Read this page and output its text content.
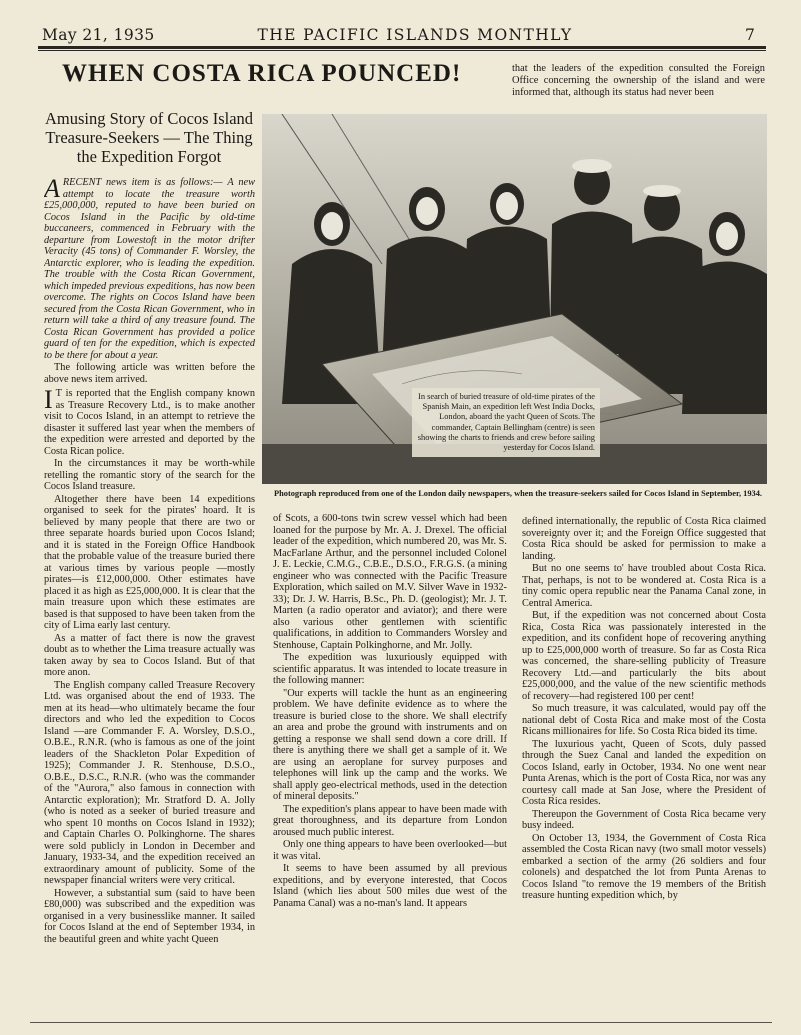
May 21, 1935	THE PACIFIC ISLANDS MONTHLY	7
WHEN COSTA RICA POUNCED!	that the leaders of the expedition consulted the Foreign Office concerning the ownership of the island and were informed that, although its status had never been

Amusing Story of Cocos Island Treasure-Seekers — The Thing the Expedition Forgot

ARECENT news item is as follows:— A new attempt to locate the treasure worth £25,000,000, reputed to have been buried on Cocos Island in the Pacific by old-time buccaneers, commenced in February with the departure from Lowestoft in the motor drifter Veracity (45 tons) of Commander F. Worsley, the Antarctic explorer, who is leading the expedition. The trouble with the Costa Rican Government, which impeded previous expeditions, has now been overcome. The rights on Cocos Island have been secured from the Costa Rican Government, who in return will take a third of any treasure found. The Costa Rican Government has provided a police guard of ten for the expedition, which is expected to be there for about a year.

The following article was written before the above news item arrived.

I T is reported that the English company known as Treasure Recovery Ltd., is to make another visit to Cocos Island, in an attempt to retrieve the disaster it suffered last year when the members of the expedition were arrested and deported by the Costa Rican police.

In the circumstances it may be worth-while retelling the romantic story of the search for the Cocos Island treasure.

Altogether there have been 14 expeditions organised to seek for the pirates' hoard. It is believed by many people that there are two or three separate hoards buried upon Cocos Island; and it is stated in the Foreign Office Handbook that the probable value of the treasure buried there at various times by various people —mostly pirates—is £12,000,000. Other estimates have placed it as high as £25,000,000. It is clear that the main treasure upon which these estimates are based is that supposed to have been taken from the city of Lima early last century.

As a matter of fact there is now the gravest doubt as to whether the Lima treasure actually was taken away by sea to Cocos Island. But of that more anon.

The English company called Treasure Recovery Ltd. was organised about the end of 1933. The men at its head—who ultimately became the four directors and who led the expedition to Cocos Island —are Commander F. A. Worsley, D.S.O., O.B.E., R.N.R. (who is famous as one of the joint leaders of the Shackleton Polar Expedition of 1925); Commander J. R. Stenhouse, D.S.O., O.B.E., D.S.C., R.N.R. (who was the commander of the "Aurora," also famous in connection with Antarctic exploration); Mr. Stratford D. A. Jolly (who is noted as a seeker of buried treasure and who spent 10 months on Cocos Island in 1932); and Captain Charles O. Polkinghorne. The shares were sold publicly in London in December and January, 1933-34, and the expedition received an extraordinary amount of publicity. Some of the newspaper financial writers were very critical.

However, a substantial sum (said to have been £80,000) was subscribed and the expedition was organised in a very businesslike manner. It sailed for Cocos Island at the end of September 1934, in the beautiful green and white yacht Queen

In search of buried treasure of old-time pirates of the Spanish Main, an expedition left West India Docks, London, aboard the yacht Queen of Scots. The commander, Captain Bellingham (centre) is seen showing the charts to friends and crew before sailing yesterday for Cocos Island.
Photograph reproduced from one of the London daily newspapers, when the treasure-seekers sailed for Cocos Island in September, 1934.

of Scots, a 600-tons twin screw vessel which had been loaned for the purpose by Mr. A. J. Drexel. The official leader of the expedition, which numbered 20, was Mr. S. MacFarlane Arthur, and the personnel included Colonel J. E. Leckie, C.M.G., C.B.E., D.S.O., F.R.G.S. (a mining engineer who was connected with the Pacific Treasure Exploration, which sailed on M.V. Silver Wave in 1932-33); Dr. J. W. Harris, B.Sc., Ph. D. (geologist); Mr. J. T. Marten (a radio operator and aviator); and there were also various other gentlemen with scientific qualifications, in addition to Commanders Worsley and Stenhouse, Captain Polkinghorne, and Mr. Jolly.

The expedition was luxuriously equipped with scientific apparatus. It was intended to locate treasure in the following manner:

"Our experts will tackle the hunt as an engineering problem. We have definite evidence as to where the treasure is buried close to the shore. We shall electrify an area and probe the ground with instruments and on getting a response we shall send down a core drill. If there is anything there we shall get a sample of it. We are using an aeroplane for survey purposes and telephones will link up the camp and the works. We shall apply geo-electrical methods, used in the detection of mineral deposits."

The expedition's plans appear to have been made with great thoroughness, and its departure from London aroused much public interest.

Only one thing appears to have been overlooked—but it was vital.

It seems to have been assumed by all previous expeditions, and by everyone interested, that Cocos Island (which lies about 500 miles due west of the Panama Canal) was a no-man's land. It appears

defined internationally, the republic of Costa Rica claimed sovereignty over it; and the Foreign Office suggested that Costa Rica should be asked for permission to make a landing.

But no one seems to' have troubled about Costa Rica. That, perhaps, is not to be wondered at. Costa Rica is a tiny comic opera republic near the Panama Canal zone, in Central America.

But, if the expedition was not concerned about Costa Rica, Costa Rica was passionately interested in the expedition, and its confident hope of recovering anything up to £25,000,000 worth of treasure. So far as Costa Rica was concerned, the share-selling publicity of Treasure Recovery Ltd.—and particularly the bits about £25,000,000, and the value of the new scientific methods of recovery—had registered 100 per cent!

So much treasure, it was calculated, would pay off the national debt of Costa Rica and make most of the Costa Ricans millionaires for life. So Costa Rica bided its time.

The luxurious yacht, Queen of Scots, duly passed through the Suez Canal and landed the expedition on Cocos Island, early in October, 1934. No one went near Punta Arenas, which is the port of Costa Rica, nor was any courtesy call made at San Jose, where the President of Costa Rica resides.

Thereupon the Government of Costa Rica became very busy indeed.

On October 13, 1934, the Government of Costa Rica assembled the Costa Rican navy (two small motor vessels) embarked a section of the army (26 soldiers and four colonels) and despatched the lot from Punta Arenas to Cocos Island "to remove the 19 members of the British treasure hunting expedition which, by
